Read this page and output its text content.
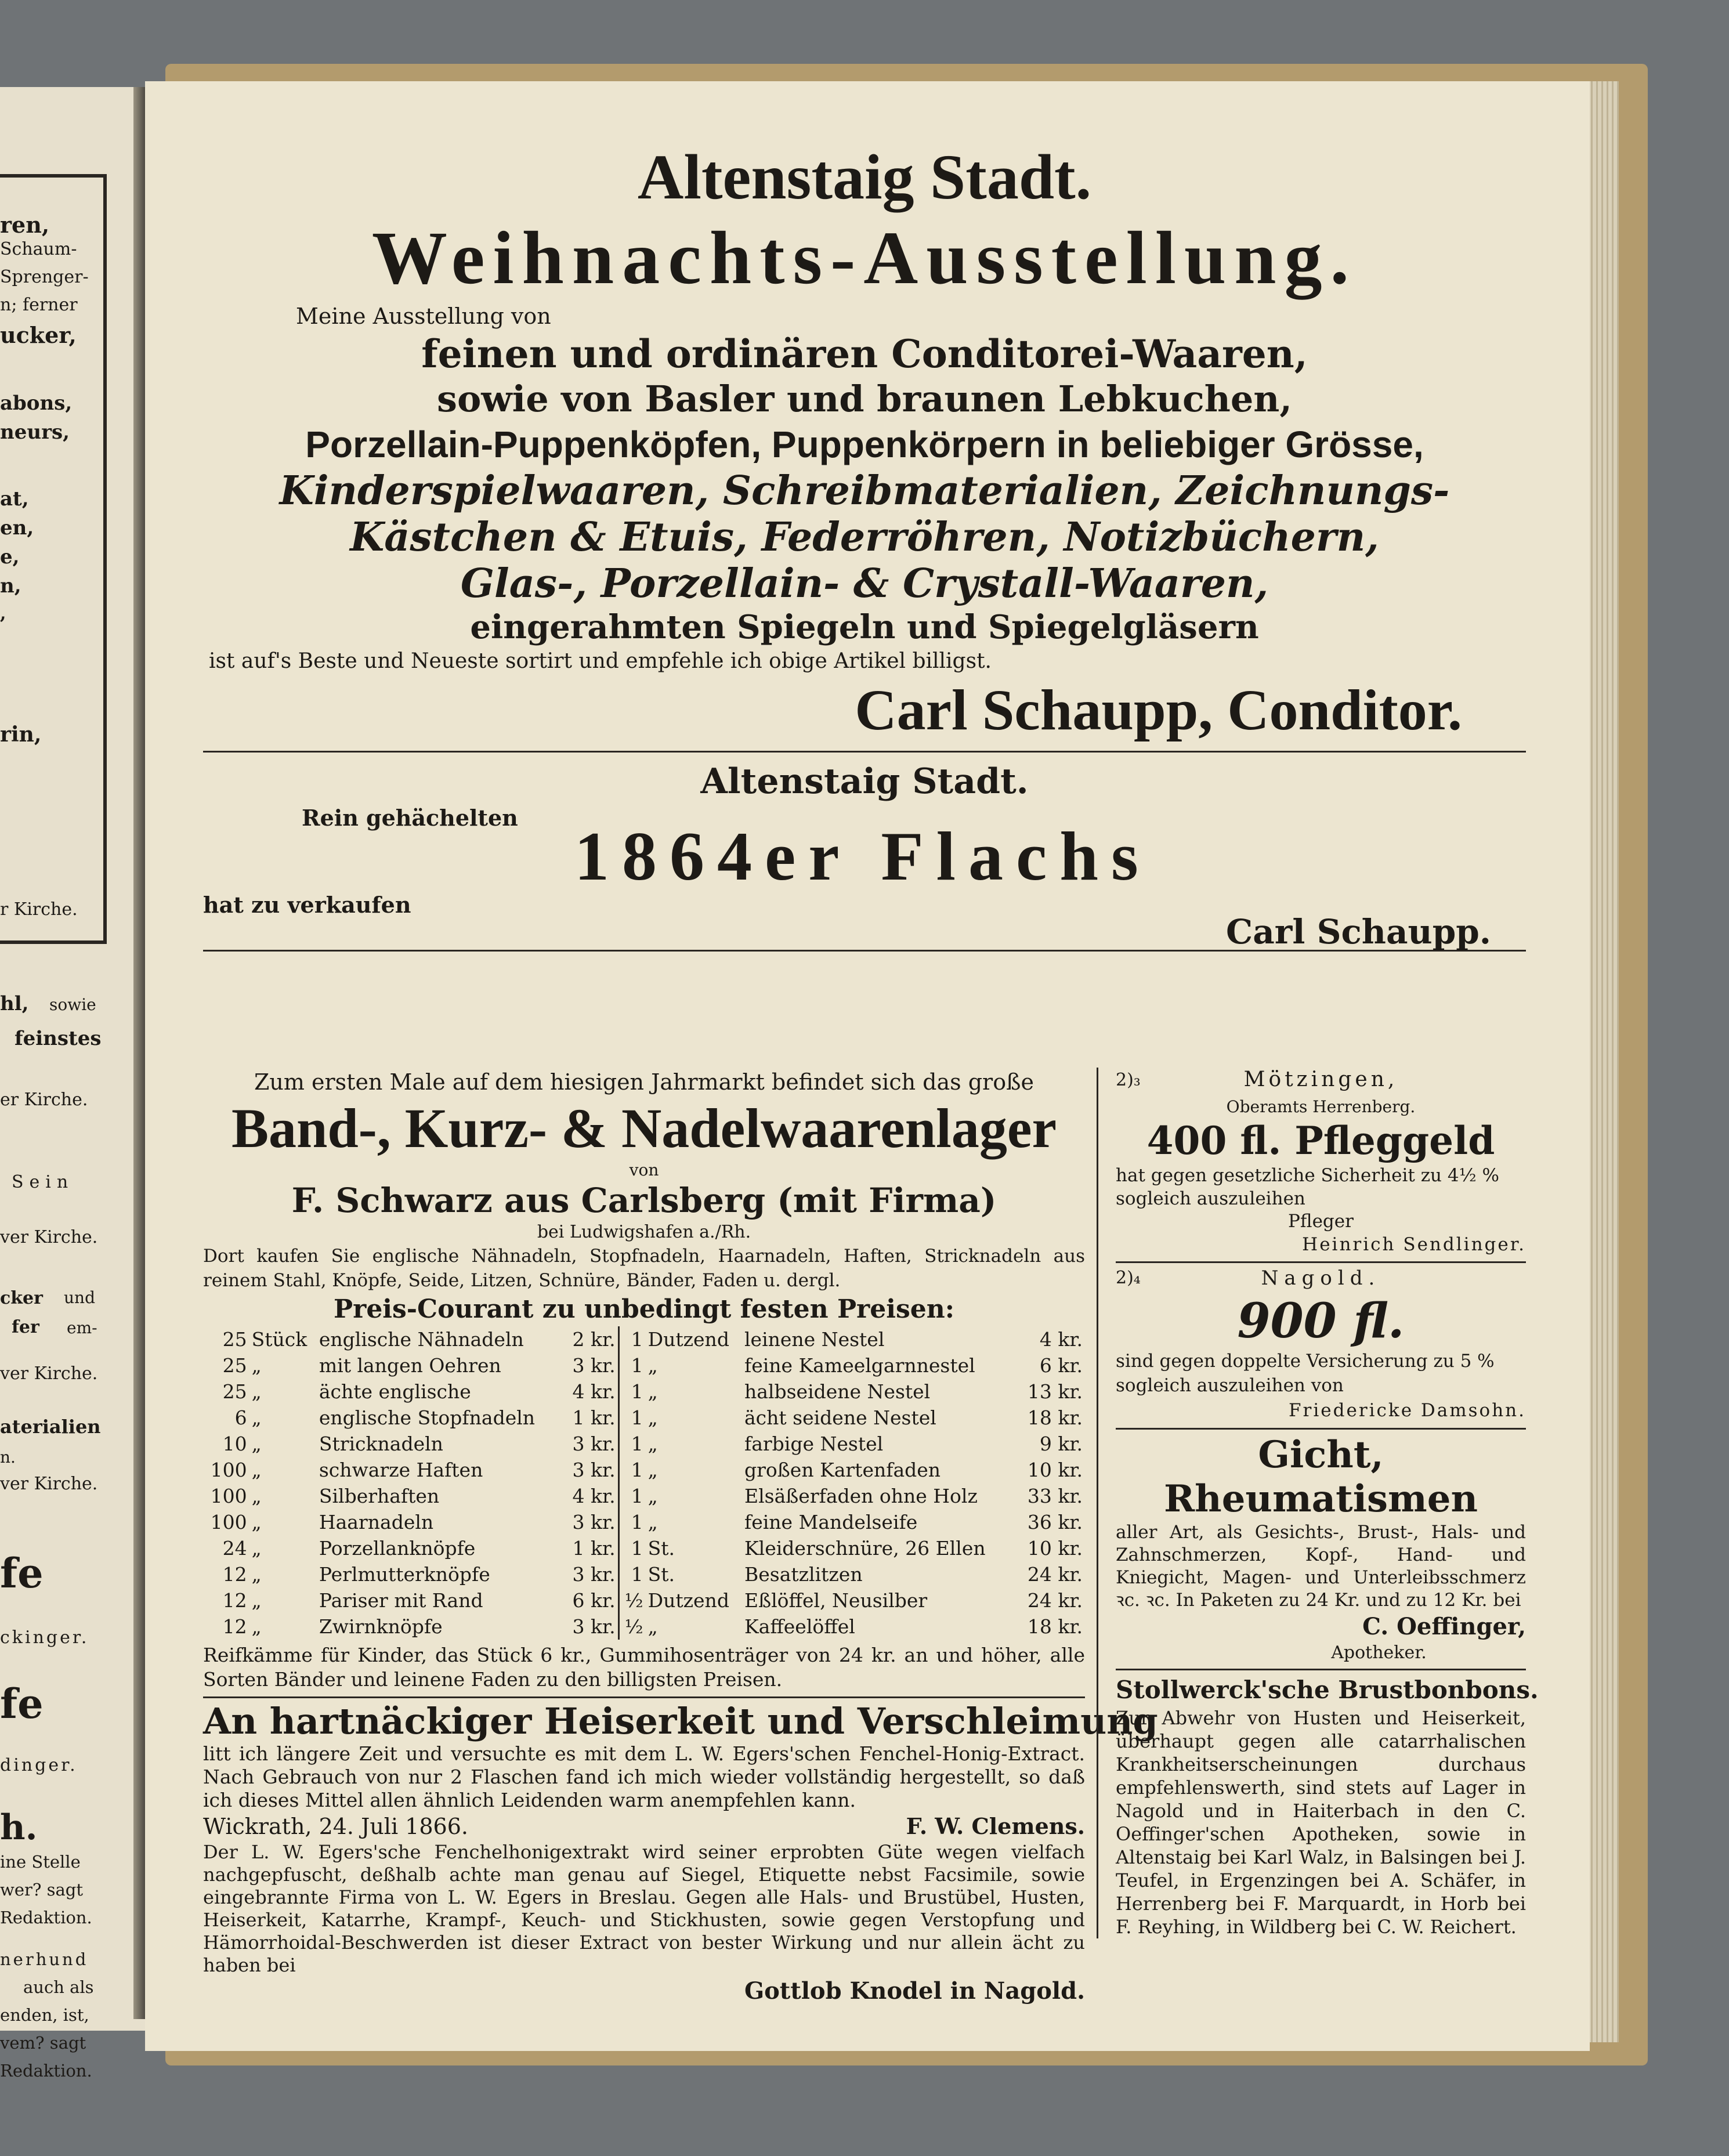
ren,
Schaum-
Sprenger-
n; ferner
ucker,
abons,
neurs,
at,
en,
e,
n,
,
rin,
r Kirche.
hl, sowie
feinstes
er Kirche.
Sein
ver Kirche.
cker und
fer em-
ver Kirche.
aterialien
n.
ver Kirche.
fe
ckinger.
fe
dinger.
h.
ine Stelle
wer? sagt
Redaktion.
nerhund
auch als
enden, ist,
vem? sagt
Redaktion.
Altenstaig Stadt.
Weihnachts-Ausstellung.
Meine Ausstellung von
feinen und ordinären Conditorei-Waaren,
sowie von Basler und braunen Lebkuchen,
Porzellain-Puppenköpfen, Puppenkörpern in beliebiger Grösse,
Kinderspielwaaren, Schreibmaterialien, Zeichnungs-
Kästchen & Etuis, Federröhren, Notizbüchern,
Glas-, Porzellain- & Crystall-Waaren,
eingerahmten Spiegeln und Spiegelgläsern
ist auf's Beste und Neueste sortirt und empfehle ich obige Artikel billigst.
Carl Schaupp, Conditor.
Altenstaig Stadt.
Rein gehächelten 1864er Flachs
hat zu verkaufen
Carl Schaupp.
Zum ersten Male auf dem hiesigen Jahrmarkt befindet sich das große
Band-, Kurz- & Nadelwaarenlager
von
F. Schwarz aus Carlsberg (mit Firma)
bei Ludwigshafen a./Rh.
Dort kaufen Sie englische Nähnadeln, Stopfnadeln, Haarnadeln, Haften, Stricknadeln aus reinem Stahl, Knöpfe, Seide, Litzen, Schnüre, Bänder, Faden u. dergl.
Preis-Courant zu unbedingt festen Preisen:
25	Stück	englische Nähnadeln	2 kr.	1	Dutzend	leinene Nestel	4 kr.
25	„	mit langen Oehren	3 kr.	1	„	feine Kameelgarnnestel	6 kr.
25	„	ächte englische	4 kr.	1	„	halbseidene Nestel	13 kr.
6	„	englische Stopfnadeln	1 kr.	1	„	ächt seidene Nestel	18 kr.
10	„	Stricknadeln	3 kr.	1	„	farbige Nestel	9 kr.
100	„	schwarze Haften	3 kr.	1	„	großen Kartenfaden	10 kr.
100	„	Silberhaften	4 kr.	1	„	Elsäßerfaden ohne Holz	33 kr.
100	„	Haarnadeln	3 kr.	1	„	feine Mandelseife	36 kr.
24	„	Porzellanknöpfe	1 kr.	1	St.	Kleiderschnüre, 26 Ellen	10 kr.
12	„	Perlmutterknöpfe	3 kr.	1	St.	Besatzlitzen	24 kr.
12	„	Pariser mit Rand	6 kr.	½	Dutzend	Eßlöffel, Neusilber	24 kr.
12	„	Zwirnknöpfe	3 kr.	½	„	Kaffeelöffel	18 kr.
Reifkämme für Kinder, das Stück 6 kr., Gummihosenträger von 24 kr. an und höher, alle Sorten Bänder und leinene Faden zu den billigsten Preisen.
An hartnäckiger Heiserkeit und Verschleimung
litt ich längere Zeit und versuchte es mit dem L. W. Egers'schen Fenchel-Honig-Extract. Nach Gebrauch von nur 2 Flaschen fand ich mich wieder vollständig hergestellt, so daß ich dieses Mittel allen ähnlich Leidenden warm anempfehlen kann.
Wickrath, 24. Juli 1866.	F. W. Clemens.
Der L. W. Egers'sche Fenchelhonigextrakt wird seiner erprobten Güte wegen vielfach nachgepfuscht, deßhalb achte man genau auf Siegel, Etiquette nebst Facsimile, sowie eingebrannte Firma von L. W. Egers in Breslau. Gegen alle Hals- und Brustübel, Husten, Heiserkeit, Katarrhe, Krampf-, Keuch- und Stickhusten, sowie gegen Verstopfung und Hämorrhoidal-Beschwerden ist dieser Extract von bester Wirkung und nur allein ächt zu haben bei
Gottlob Knodel in Nagold.
2)₃	Mötzingen,
Oberamts Herrenberg.
400 fl. Pfleggeld
hat gegen gesetzliche Sicherheit zu 4½ % sogleich auszuleihen
Pfleger
Heinrich Sendlinger.
2)₄	Nagold.
900 fl.
sind gegen doppelte Versicherung zu 5 % sogleich auszuleihen von
Friedericke Damsohn.
Gicht,
Rheumatismen
aller Art, als Gesichts-, Brust-, Hals- und Zahnschmerzen, Kopf-, Hand- und Kniegicht, Magen- und Unterleibsschmerz ꝛc. ꝛc. In Paketen zu 24 Kr. und zu 12 Kr. bei
C. Oeffinger,
Apotheker.
Stollwerck'sche Brustbonbons.
Zur Abwehr von Husten und Heiserkeit, überhaupt gegen alle catarrhalischen Krankheitserscheinungen durchaus empfehlenswerth, sind stets auf Lager in Nagold und in Haiterbach in den C. Oeffinger'schen Apotheken, sowie in Altenstaig bei Karl Walz, in Balsingen bei J. Teufel, in Ergenzingen bei A. Schäfer, in Herrenberg bei F. Marquardt, in Horb bei F. Reyhing, in Wildberg bei C. W. Reichert.
